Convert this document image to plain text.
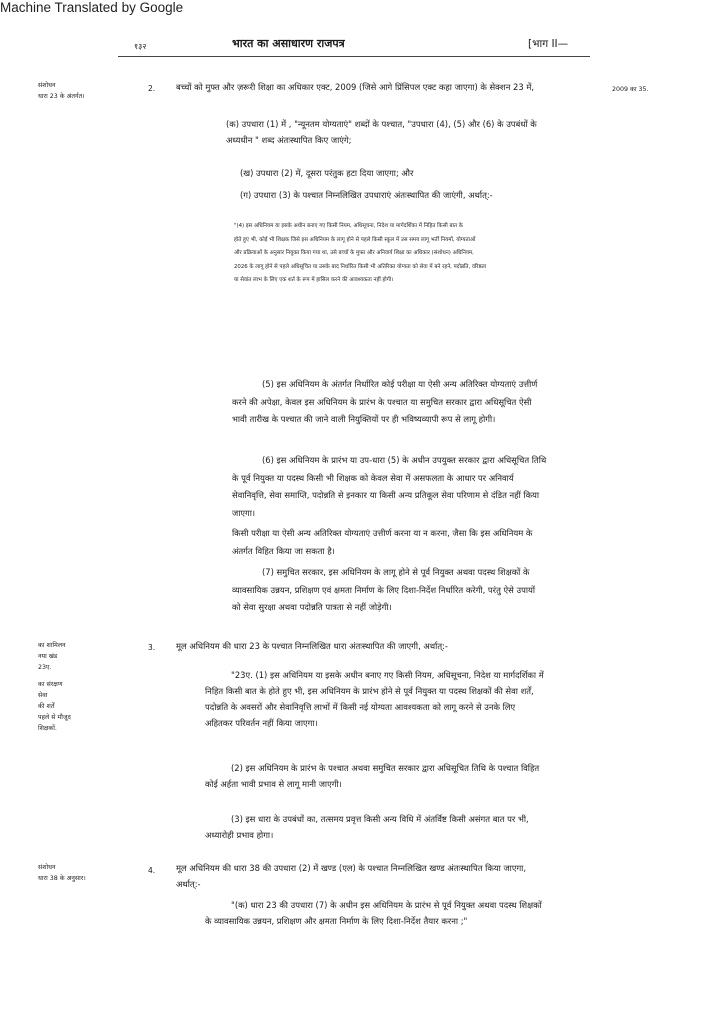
Machine Translated by Google
१३२	भारत का असाधारण राजपत्र	[भाग II—
संशोधन
धारा 23 के अंतर्गत।
2009 का 35.
का शामिलन
नया खंड
23ए.
का संरक्षण
सेवा
की शर्तें
पहले से मौजूद
शिक्षकों.
संशोधन
धारा 38 के अनुसार।
2. बच्चों को मुफ्त और ज़रूरी शिक्षा का अधिकार एक्ट, 2009 (जिसे आगे प्रिंसिपल एक्ट कहा जाएगा) के सेक्शन 23 में,
(क) उपधारा (1) में , "न्यूनतम योग्यताएं" शब्दों के पश्चात, "उपधारा (4), (5) और (6) के उपबंधों के
अध्यधीन " शब्द अंतःस्थापित किए जाएंगे;
(ख) उपधारा (2) में, दूसरा परंतुक हटा दिया जाएगा; और
(ग) उपधारा (3) के पश्चात निम्नलिखित उपधाराएं अंतःस्थापित की जाएंगी, अर्थात्:-
"(4) इस अधिनियम या इसके अधीन बनाए गए किसी नियम, अधिसूचना, निदेश या मार्गदर्शिका में निहित किसी बात के
होते हुए भी, कोई भी शिक्षक जिसे इस अधिनियम के लागू होने से पहले किसी स्कूल में उस समय लागू भर्ती नियमों, योग्यताओं
और प्रक्रियाओं के अनुसार नियुक्त किया गया था, उसे बच्चों के मुफ्त और अनिवार्य शिक्षा का अधिकार (संशोधन) अधिनियम,
2026 के लागू होने से पहले अधिसूचित या उसके बाद निर्धारित किसी भी अतिरिक्त योग्यता को सेवा में बने रहने, पदोन्नति, वरिष्ठता
या सेवांत लाभ के लिए एक शर्त के रूप में हासिल करने की आवश्यकता नहीं होगी।
(5) इस अधिनियम के अंतर्गत निर्धारित कोई परीक्षा या ऐसी अन्य अतिरिक्त योग्यताएं उत्तीर्ण
करने की अपेक्षा, केवल इस अधिनियम के प्रारंभ के पश्चात या समुचित सरकार द्वारा अधिसूचित ऐसी
भावी तारीख के पश्चात की जाने वाली नियुक्तियों पर ही भविष्यव्यापी रूप से लागू होगी।
(6) इस अधिनियम के प्रारंभ या उप-धारा (5) के अधीन उपयुक्त सरकार द्वारा अधिसूचित तिथि
के पूर्व नियुक्त या पदस्थ किसी भी शिक्षक को केवल सेवा में असफलता के आधार पर अनिवार्य
सेवानिवृत्ति, सेवा समाप्ति, पदोन्नति से इनकार या किसी अन्य प्रतिकूल सेवा परिणाम से दंडित नहीं किया
जाएगा।
किसी परीक्षा या ऐसी अन्य अतिरिक्त योग्यताएं उत्तीर्ण करना या न करना, जैसा कि इस अधिनियम के
अंतर्गत विहित किया जा सकता है।
(7) समुचित सरकार, इस अधिनियम के लागू होने से पूर्व नियुक्त अथवा पदस्थ शिक्षकों के
व्यावसायिक उन्नयन, प्रशिक्षण एवं क्षमता निर्माण के लिए दिशा-निर्देश निर्धारित करेगी, परंतु ऐसे उपायों
को सेवा सुरक्षा अथवा पदोन्नति पात्रता से नहीं जोड़ेगी।
3. मूल अधिनियम की धारा 23 के पश्चात निम्नलिखित धारा अंतःस्थापित की जाएगी, अर्थात्:-
"23ए. (1) इस अधिनियम या इसके अधीन बनाए गए किसी नियम, अधिसूचना, निदेश या मार्गदर्शिका में
निहित किसी बात के होते हुए भी, इस अधिनियम के प्रारंभ होने से पूर्व नियुक्त या पदस्थ शिक्षकों की सेवा शर्तें,
पदोन्नति के अवसरों और सेवानिवृत्ति लाभों में किसी नई योग्यता आवश्यकता को लागू करने से उनके लिए
अहितकर परिवर्तन नहीं किया जाएगा।
(2) इस अधिनियम के प्रारंभ के पश्चात अथवा समुचित सरकार द्वारा अधिसूचित तिथि के पश्चात विहित
कोई अर्हता भावी प्रभाव से लागू मानी जाएगी।
(3) इस धारा के उपबंधों का, तत्समय प्रवृत्त किसी अन्य विधि में अंतर्विष्ट किसी असंगत बात पर भी,
अध्यारोही प्रभाव होगा।
4. मूल अधिनियम की धारा 38 की उपधारा (2) में खण्ड (एल) के पश्चात निम्नलिखित खण्ड अंतःस्थापित किया जाएगा,
अर्थात्:-
"(क) धारा 23 की उपधारा (7) के अधीन इस अधिनियम के प्रारंभ से पूर्व नियुक्त अथवा पदस्थ शिक्षकों
के व्यावसायिक उन्नयन, प्रशिक्षण और क्षमता निर्माण के लिए दिशा-निर्देश तैयार करना ;"
